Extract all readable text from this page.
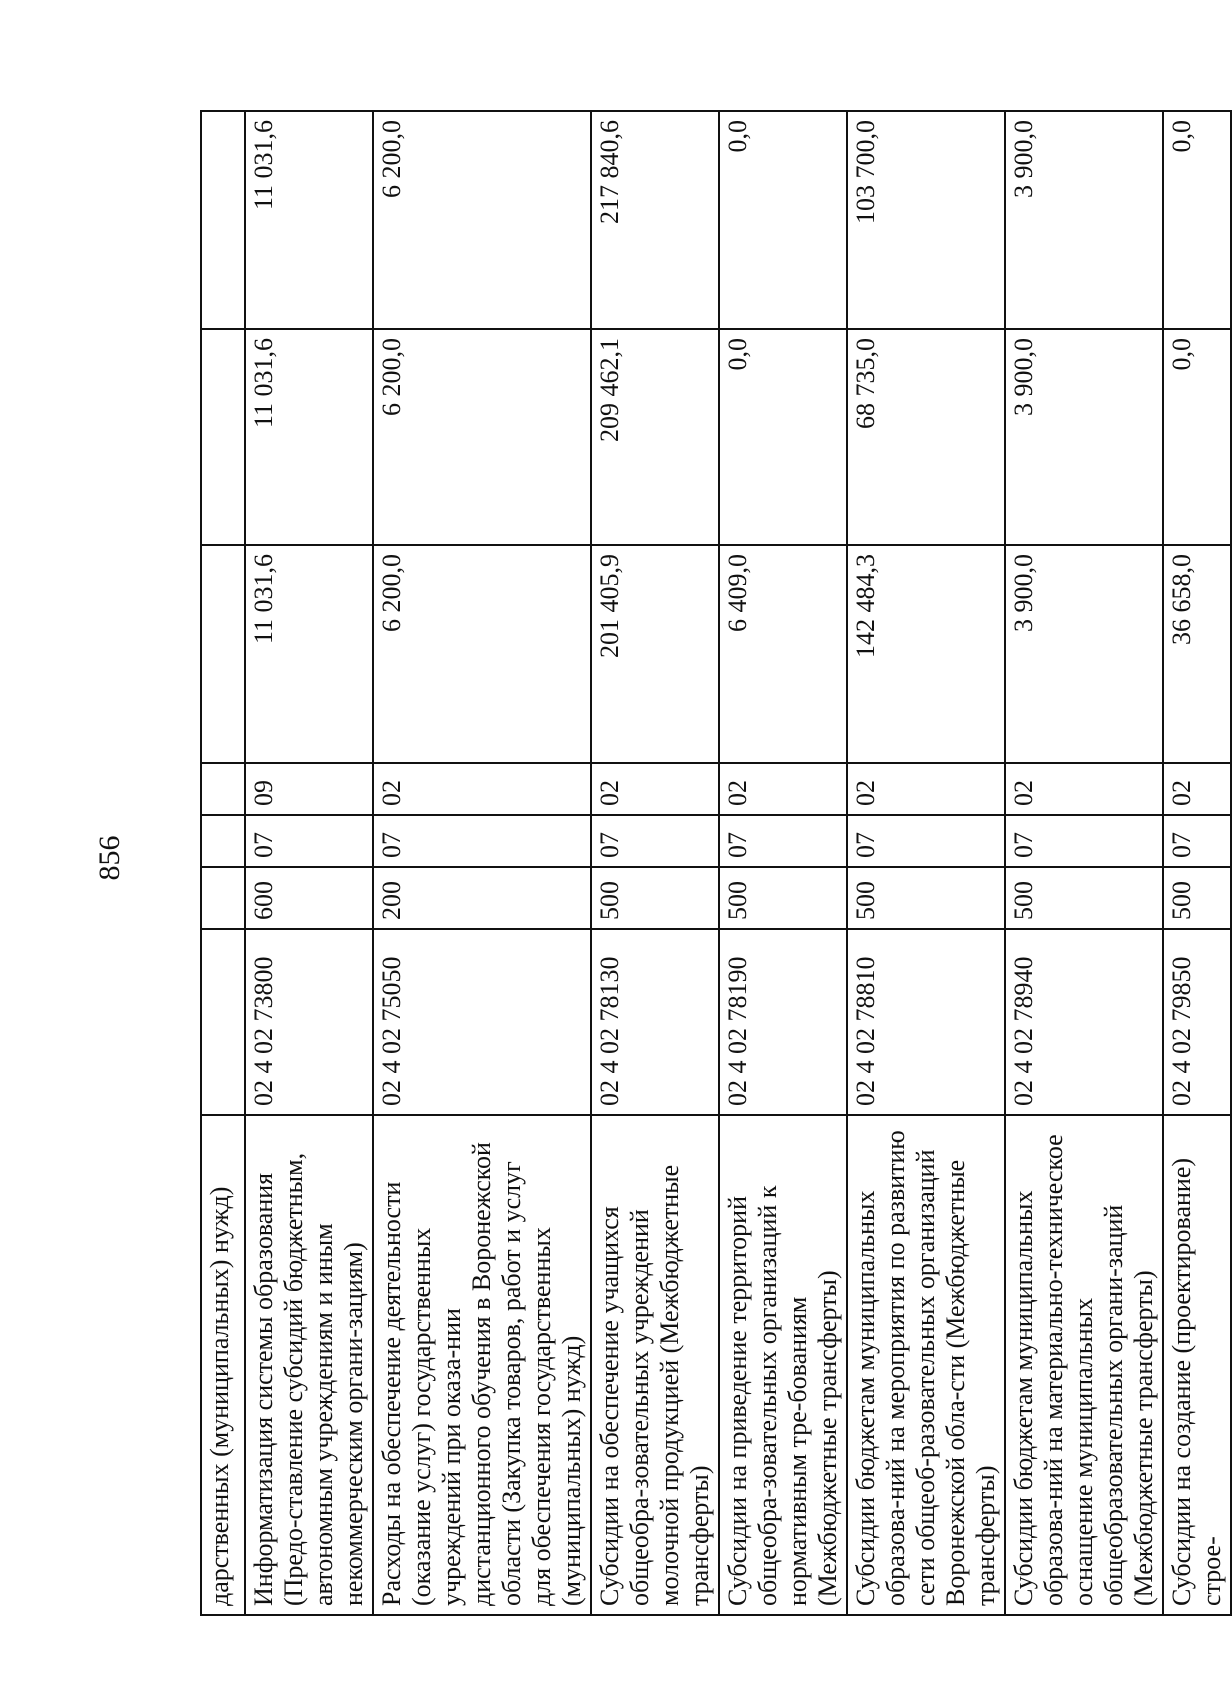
856
дарственных (муниципальных) нужд)							
Информатизация системы образования (Предо-ставление субсидий бюджетным, автономным учреждениям и иным некоммерческим органи-зациям)	02 4 02 73800	600	07	09	11 031,6	11 031,6	11 031,6
Расходы на обеспечение деятельности (оказание услуг) государственных учреждений при оказа-нии дистанционного обучения в Воронежской области (Закупка товаров, работ и услуг для обеспечения государственных (муниципальных) нужд)	02 4 02 75050	200	07	02	6 200,0	6 200,0	6 200,0
Субсидии на обеспечение учащихся общеобра-зовательных учреждений молочной продукцией (Межбюджетные трансферты)	02 4 02 78130	500	07	02	201 405,9	209 462,1	217 840,6
Субсидии на приведение территорий общеобра-зовательных организаций к нормативным тре-бованиям (Межбюджетные трансферты)	02 4 02 78190	500	07	02	6 409,0	0,0	0,0
Субсидии бюджетам муниципальных образова-ний на мероприятия по развитию сети общеоб-разовательных организаций Воронежской обла-сти (Межбюджетные трансферты)	02 4 02 78810	500	07	02	142 484,3	68 735,0	103 700,0
Субсидии бюджетам муниципальных образова-ний на материально-техническое оснащение муниципальных общеобразовательных органи-заций (Межбюджетные трансферты)	02 4 02 78940	500	07	02	3 900,0	3 900,0	3 900,0
Субсидии на создание (проектирование) строе-	02 4 02 79850	500	07	02	36 658,0	0,0	0,0
